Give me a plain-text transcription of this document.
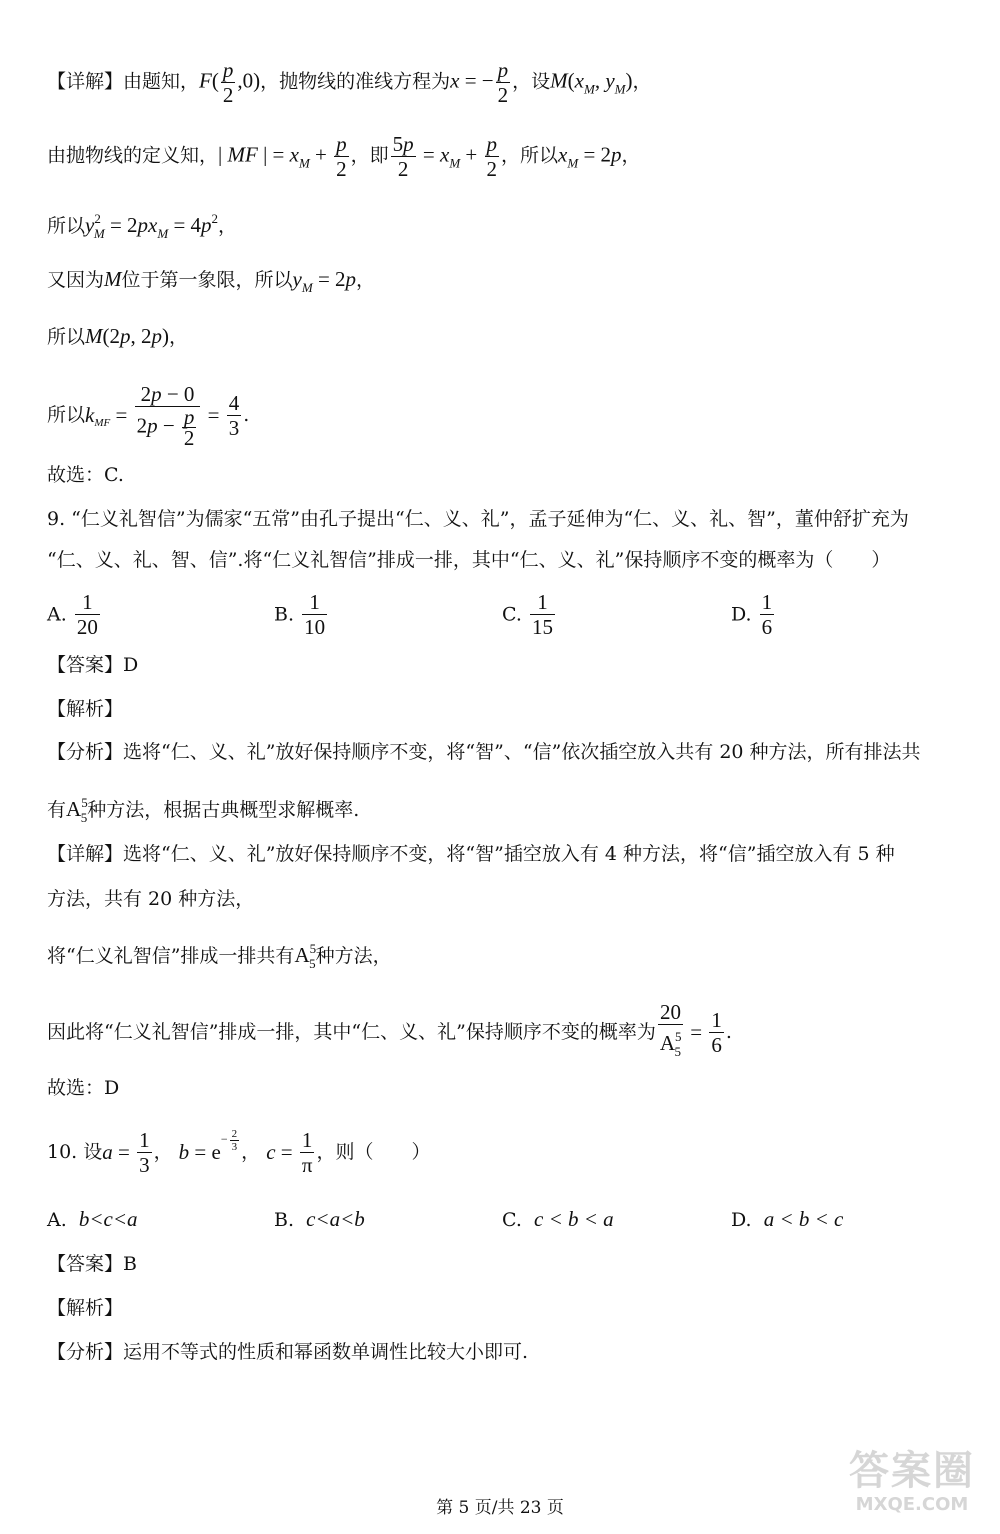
【详解】由题知，$F( \frac{p}{2} ,0)$，抛物线的准线方程为x = − $\frac{p}{2}$ ，设$M(x_M$, $y_M$)，
由抛物线的定义知，| MF | = $x_M + \frac{p}{2}$ ，即 $\frac{5p}{2} = x_M + \frac{p}{2}$ ，所以$x_M = 2p$，
所以$y^2_M = 2px_M = 4p^2$，
又因为M位于第一象限，所以$y_M = 2p$，
所以M(2p, 2p)，
所以$k_{MF} = \frac{2p - 0}{2p - \frac{p}{2}} = \frac{4}{3}$ .
故选：C.
9. “仁义礼智信”为儒家“五常”由孔子提出“仁、义、礼”，孟子延伸为“仁、义、礼、智”，董仲舒扩充为
“仁、义、礼、智、信”.将“仁义礼智信”排成一排，其中“仁、义、礼”保持顺序不变的概率为（　　）
A. $\frac{1}{20}$	B. $\frac{1}{10}$	C. $\frac{1}{15}$	D. $\frac{1}{6}$
【答案】D
【解析】
【分析】选将“仁、义、礼”放好保持顺序不变，将“智”、“信”依次插空放入共有 20 种方法，所有排法共
有$A^5_5$种方法，根据古典概型求解概率.
【详解】选将“仁、义、礼”放好保持顺序不变，将“智”插空放入有 4 种方法，将“信”插空放入有 5 种
方法，共有 20 种方法，
将“仁义礼智信”排成一排共有$A^5_5$种方法，
因此将“仁义礼智信”排成一排，其中“仁、义、礼”保持顺序不变的概率为 $\frac{20}{A^5_5} = \frac{1}{6}$ .
故选：D
10. 设$a = \frac{1}{3}$ ， $b = e- \frac{2}{3}$ ， $c = \frac{1}{\pi}$ ，则（　　）
A. b<c<a	B. c<a<b	C. c < b < a	D. a < b < c
【答案】B
【解析】
【分析】运用不等式的性质和幂函数单调性比较大小即可.
第 5 页/共 23 页
答案圈
MXQE.COM
